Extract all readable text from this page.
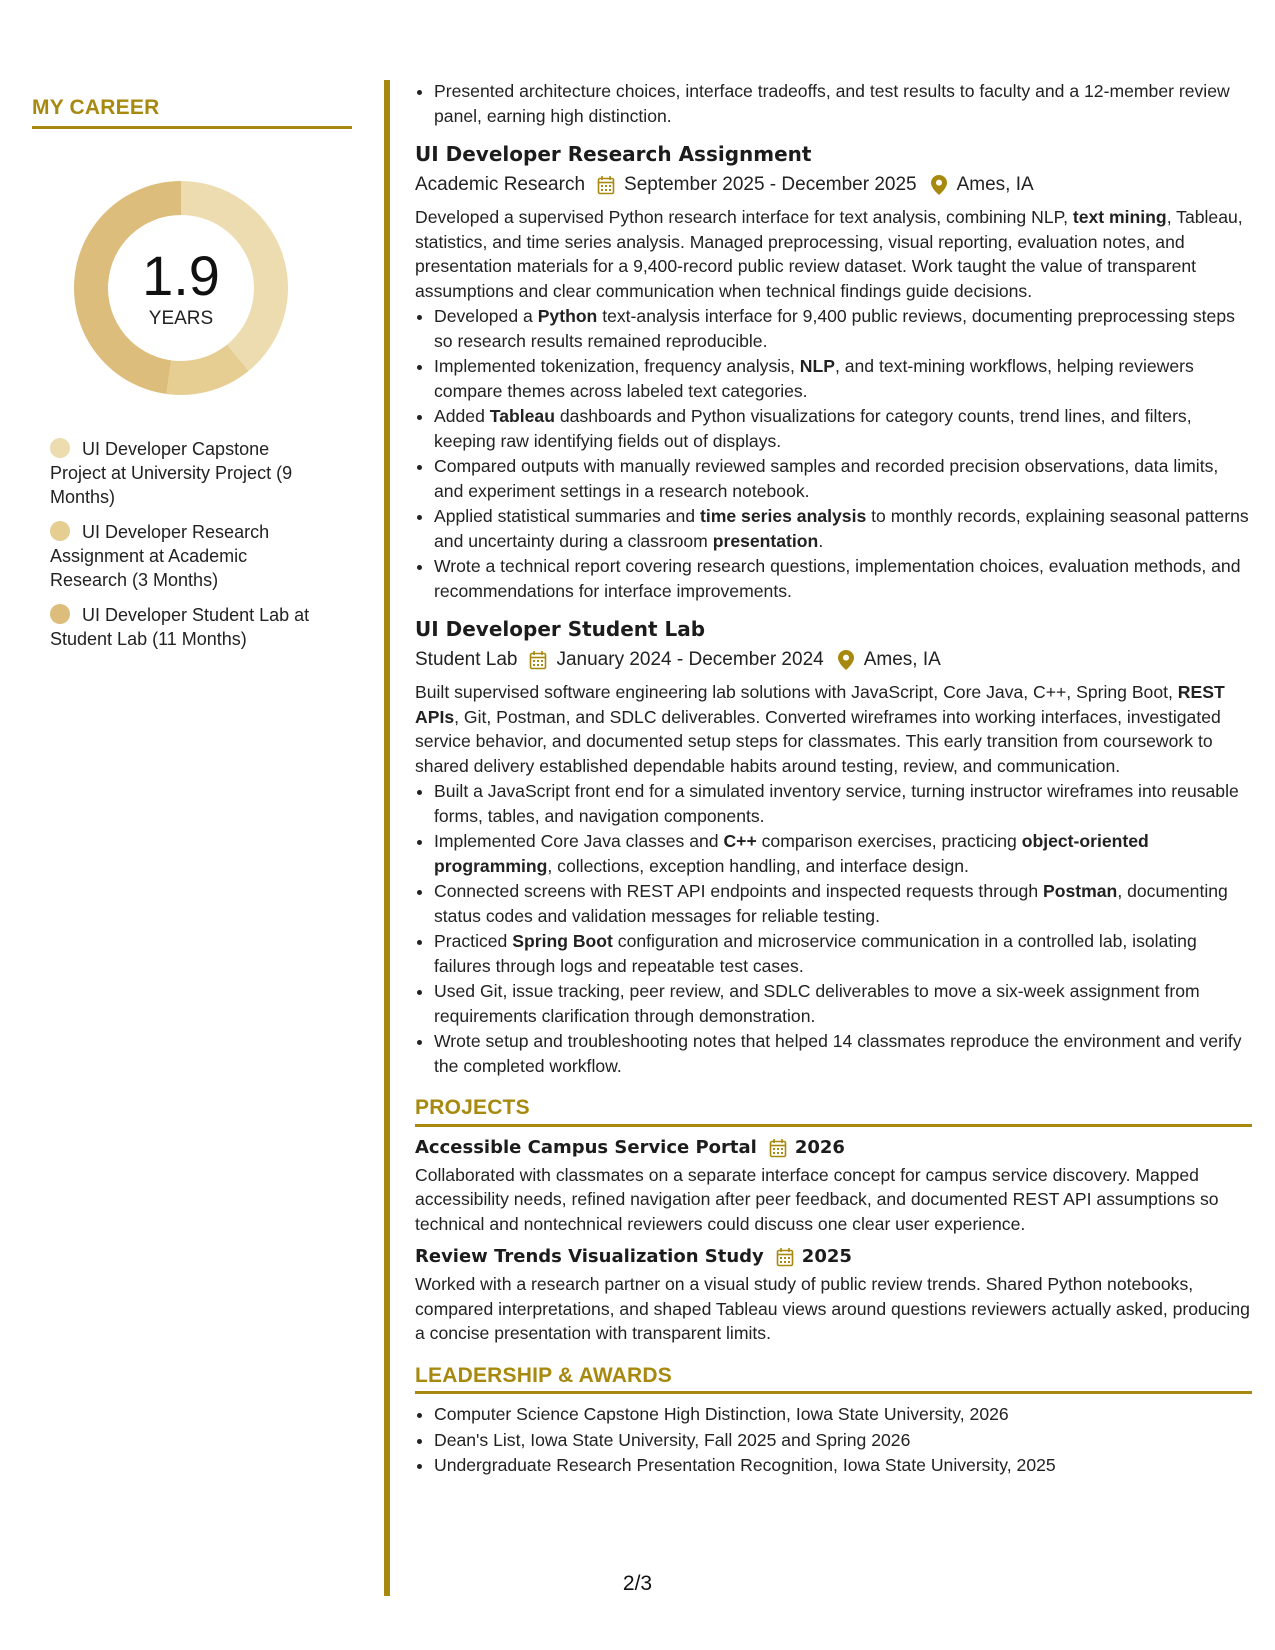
MY CAREER
1.9
YEARS
UI Developer Capstone Project at University Project (9 Months)
UI Developer Research Assignment at Academic Research (3 Months)
UI Developer Student Lab at Student Lab (11 Months)
• Presented architecture choices, interface tradeoffs, and test results to faculty and a 12-member review panel, earning high distinction.
UI Developer Research Assignment
Academic Research September 2025 - December 2025 Ames, IA
Developed a supervised Python research interface for text analysis, combining NLP, text mining, Tableau, statistics, and time series analysis. Managed preprocessing, visual reporting, evaluation notes, and presentation materials for a 9,400-record public review dataset. Work taught the value of transparent assumptions and clear communication when technical findings guide decisions.
• Developed a Python text-analysis interface for 9,400 public reviews, documenting preprocessing steps so research results remained reproducible.
• Implemented tokenization, frequency analysis, NLP, and text-mining workflows, helping reviewers compare themes across labeled text categories.
• Added Tableau dashboards and Python visualizations for category counts, trend lines, and filters, keeping raw identifying fields out of displays.
• Compared outputs with manually reviewed samples and recorded precision observations, data limits, and experiment settings in a research notebook.
• Applied statistical summaries and time series analysis to monthly records, explaining seasonal patterns and uncertainty during a classroom presentation.
• Wrote a technical report covering research questions, implementation choices, evaluation methods, and recommendations for interface improvements.
UI Developer Student Lab
Student Lab January 2024 - December 2024 Ames, IA
Built supervised software engineering lab solutions with JavaScript, Core Java, C++, Spring Boot, REST APIs, Git, Postman, and SDLC deliverables. Converted wireframes into working interfaces, investigated service behavior, and documented setup steps for classmates. This early transition from coursework to shared delivery established dependable habits around testing, review, and communication.
• Built a JavaScript front end for a simulated inventory service, turning instructor wireframes into reusable forms, tables, and navigation components.
• Implemented Core Java classes and C++ comparison exercises, practicing object-oriented programming, collections, exception handling, and interface design.
• Connected screens with REST API endpoints and inspected requests through Postman, documenting status codes and validation messages for reliable testing.
• Practiced Spring Boot configuration and microservice communication in a controlled lab, isolating failures through logs and repeatable test cases.
• Used Git, issue tracking, peer review, and SDLC deliverables to move a six-week assignment from requirements clarification through demonstration.
• Wrote setup and troubleshooting notes that helped 14 classmates reproduce the environment and verify the completed workflow.
PROJECTS
Accessible Campus Service Portal 2026
Collaborated with classmates on a separate interface concept for campus service discovery. Mapped accessibility needs, refined navigation after peer feedback, and documented REST API assumptions so technical and nontechnical reviewers could discuss one clear user experience.
Review Trends Visualization Study 2025
Worked with a research partner on a visual study of public review trends. Shared Python notebooks, compared interpretations, and shaped Tableau views around questions reviewers actually asked, producing a concise presentation with transparent limits.
LEADERSHIP & AWARDS
• Computer Science Capstone High Distinction, Iowa State University, 2026
• Dean's List, Iowa State University, Fall 2025 and Spring 2026
• Undergraduate Research Presentation Recognition, Iowa State University, 2025
2/3
